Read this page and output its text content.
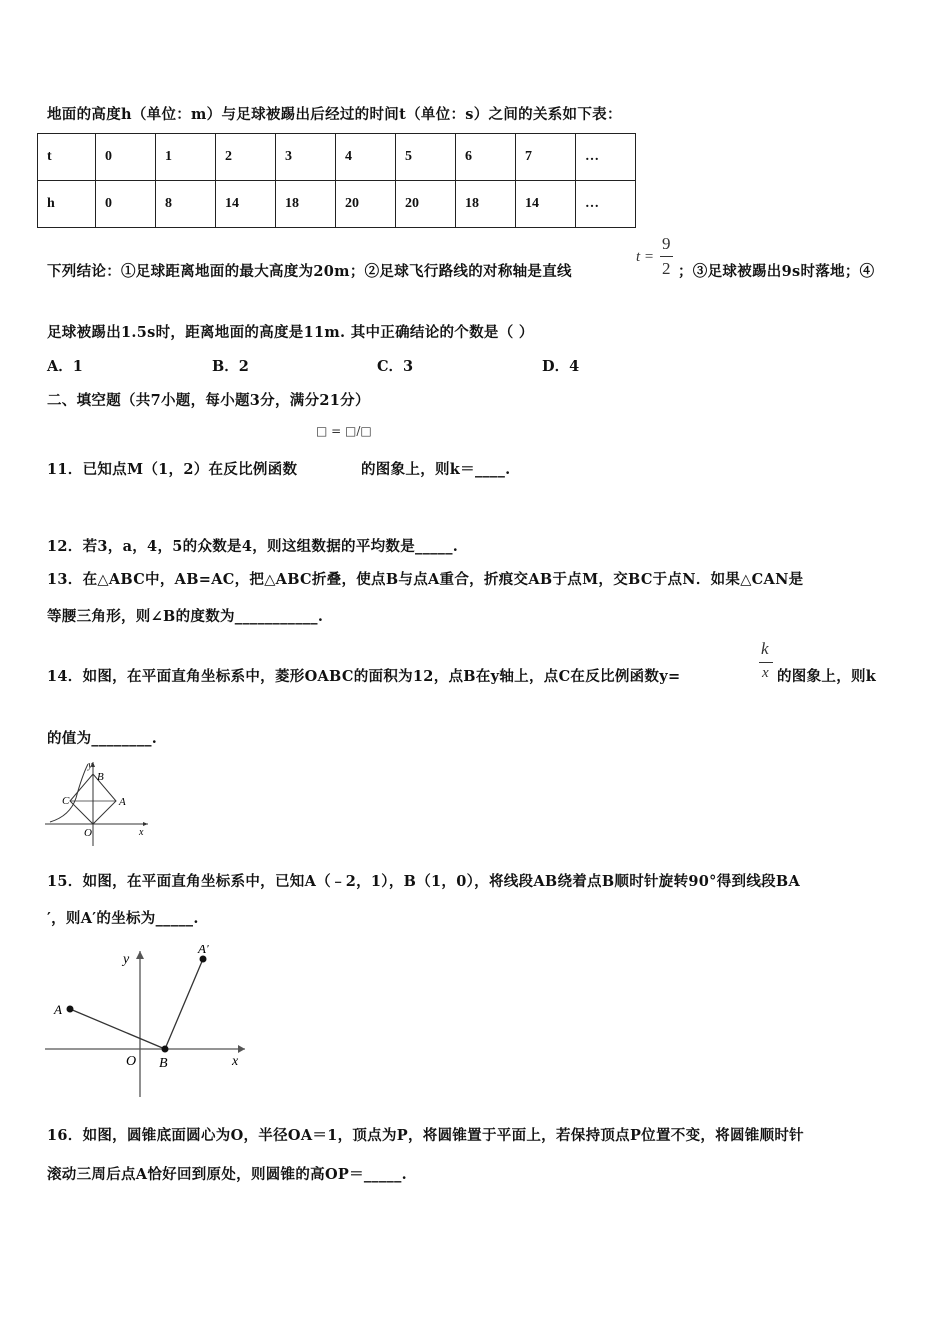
地面的高度h（单位：m）与足球被踢出后经过的时间t（单位：s）之间的关系如下表：
t	0	1	2	3	4	5	6	7	…
h	0	8	14	18	20	20	18	14	…
下列结论：①足球距离地面的最大高度为20m；②足球飞行路线的对称轴是直线
t =
9
2 ；③足球被踢出9s时落地；④
足球被踢出1.5s时，距离地面的高度是11m. 其中正确结论的个数是（ ）
A．1	B．2	C．3	D．4
二、填空题（共7小题，每小题3分，满分21分）
□ = □/□
11．已知点M（1，2）在反比例函数	的图象上，则k＝____.
12．若3，a，4，5的众数是4，则这组数据的平均数是_____.
13．在△ABC中，AB=AC，把△ABC折叠，使点B与点A重合，折痕交AB于点M，交BC于点N．如果△CAN是
等腰三角形，则∠B的度数为___________.
k
x
14．如图，在平面直角坐标系中，菱形OABC的面积为12，点B在y轴上，点C在反比例函数y=	的图象上，则k
的值为________.
y
B
C	A
O	x
15．如图，在平面直角坐标系中，已知A（﹣2，1），B（1，0），将线段AB绕着点B顺时针旋转90°得到线段BA
′，则A′的坐标为_____.
y
A′
A
O B	x
16．如图，圆锥底面圆心为O，半径OA＝1，顶点为P，将圆锥置于平面上，若保持顶点P位置不变，将圆锥顺时针
滚动三周后点A恰好回到原处，则圆锥的高OP＝_____.
